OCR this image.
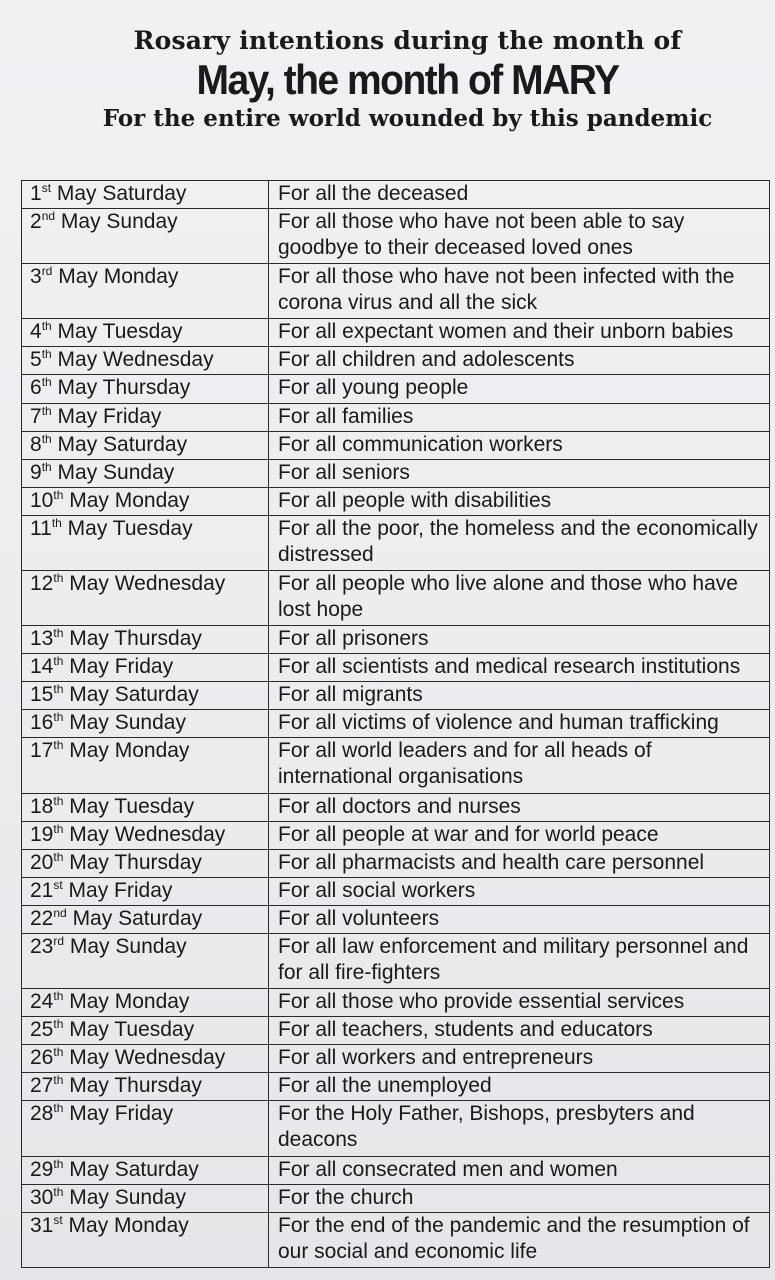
Rosary intentions during the month of
May, the month of MARY
For the entire world wounded by this pandemic
1st May Saturday	For all the deceased
2nd May Sunday	For all those who have not been able to say goodbye to their deceased loved ones
3rd May Monday	For all those who have not been infected with the corona virus and all the sick
4th May Tuesday	For all expectant women and their unborn babies
5th May Wednesday	For all children and adolescents
6th May Thursday	For all young people
7th May Friday	For all families
8th May Saturday	For all communication workers
9th May Sunday	For all seniors
10th May Monday	For all people with disabilities
11th May Tuesday	For all the poor, the homeless and the economically distressed
12th May Wednesday	For all people who live alone and those who have lost hope
13th May Thursday	For all prisoners
14th May Friday	For all scientists and medical research institutions
15th May Saturday	For all migrants
16th May Sunday	For all victims of violence and human trafficking
17th May Monday	For all world leaders and for all heads of international organisations
18th May Tuesday	For all doctors and nurses
19th May Wednesday	For all people at war and for world peace
20th May Thursday	For all pharmacists and health care personnel
21st May Friday	For all social workers
22nd May Saturday	For all volunteers
23rd May Sunday	For all law enforcement and military personnel and for all fire-fighters
24th May Monday	For all those who provide essential services
25th May Tuesday	For all teachers, students and educators
26th May Wednesday	For all workers and entrepreneurs
27th May Thursday	For all the unemployed
28th May Friday	For the Holy Father, Bishops, presbyters and deacons
29th May Saturday	For all consecrated men and women
30th May Sunday	For the church
31st May Monday	For the end of the pandemic and the resumption of our social and economic life
